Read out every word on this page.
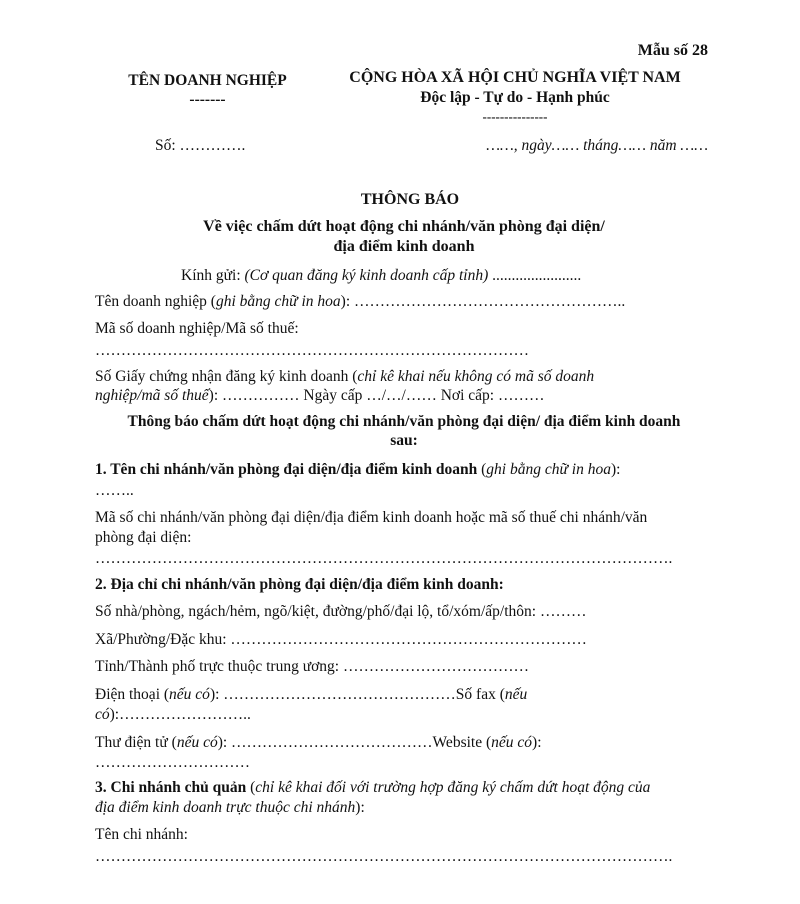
Mẫu số 28
TÊN DOANH NGHIỆP
-------
CỘNG HÒA XÃ HỘI CHỦ NGHĨA VIỆT NAM
Độc lập - Tự do - Hạnh phúc
---------------
Số: ………….	……, ngày…… tháng…… năm ……
THÔNG BÁO
Về việc chấm dứt hoạt động chi nhánh/văn phòng đại diện/
địa điểm kinh doanh
Kính gửi: (Cơ quan đăng ký kinh doanh cấp tỉnh) .......................
Tên doanh nghiệp (ghi bằng chữ in hoa): ……………………………………………..
Mã số doanh nghiệp/Mã số thuế:
…………………………………………………………………………
Số Giấy chứng nhận đăng ký kinh doanh (chỉ kê khai nếu không có mã số doanh
nghiệp/mã số thuế): …………… Ngày cấp …/…/…… Nơi cấp: ………
Thông báo chấm dứt hoạt động chi nhánh/văn phòng đại diện/ địa điểm kinh doanh
sau:
1. Tên chi nhánh/văn phòng đại diện/địa điểm kinh doanh (ghi bằng chữ in hoa):
……..
Mã số chi nhánh/văn phòng đại diện/địa điểm kinh doanh hoặc mã số thuế chi nhánh/văn
phòng đại diện:
………………………………………………………………………………………………….
2. Địa chỉ chi nhánh/văn phòng đại diện/địa điểm kinh doanh:
Số nhà/phòng, ngách/hẻm, ngõ/kiệt, đường/phố/đại lộ, tổ/xóm/ấp/thôn: ………
Xã/Phường/Đặc khu: ……………………………………………………………
Tỉnh/Thành phố trực thuộc trung ương: ………………………………
Điện thoại (nếu có): ………………………………………Số fax (nếu
có):……………………..
Thư điện tử (nếu có): …………………………………Website (nếu có):
…………………………
3. Chi nhánh chủ quản (chỉ kê khai đối với trường hợp đăng ký chấm dứt hoạt động của
địa điểm kinh doanh trực thuộc chi nhánh):
Tên chi nhánh:
………………………………………………………………………………………………….
